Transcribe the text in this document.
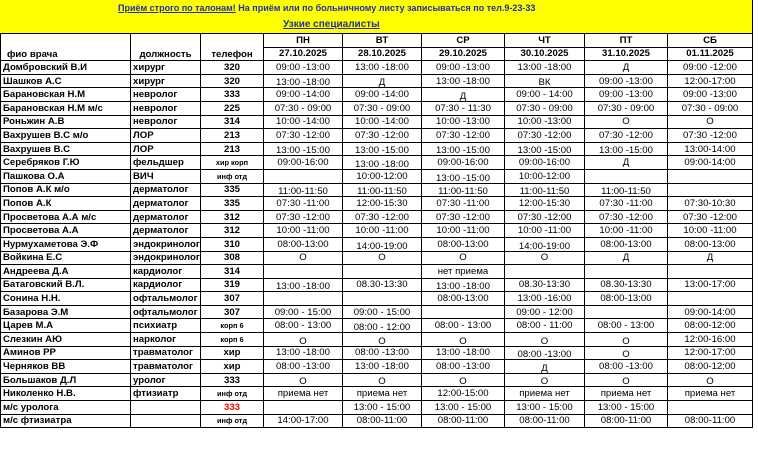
Приём строго по талонам! На приём или по больничному листу записываться по тел.9-23-33
Узкие специалисты
фио врача	должность	телефон	ПН	ВТ	СР	ЧТ	ПТ	СБ
			27.10.2025	28.10.2025	29.10.2025	30.10.2025	31.10.2025	01.11.2025
Домбровский В.И	хирург	320	09:00 -13:00	13:00 -18:00	09:00 -13:00	13:00 -18:00	Д	09:00 -12:00
Шашков А.С	хирург	320	13:00 -18:00	Д	13:00 -18:00	ВК	09:00 -13:00	12:00-17:00
Барановская Н.М	невролог	333	09:00 -14:00	09:00 -14:00	Д	09:00 - 14:00	09:00 -13:00	09:00 -13:00
Барановская Н.М м/с	невролог	225	07:30 - 09:00	07:30 - 09:00	07:30 - 11:30	07:30 - 09:00	07:30 - 09:00	07:30 - 09:00
Роньжин А.В	невролог	314	10:00 -14:00	10:00 -14:00	10:00 -13:00	10:00 -13:00	О	О
Вахрушев В.С м/о	ЛОР	213	07:30 -12:00	07:30 -12:00	07:30 -12:00	07:30 -12:00	07:30 -12:00	07:30 -12:00
Вахрушев В.С	ЛОР	213	13:00 -15:00	13:00 -15:00	13:00 -15:00	13:00 -15:00	13:00 -15:00	13:00-14:00
Серебряков Г.Ю	фельдшер	хир корп	09:00-16:00	13:00 -18:00	09:00-16:00	09:00-16:00	Д	09:00-14:00
Пашкова О.А	ВИЧ	инф отд		10:00-12:00	13:00 -15:00	10:00-12:00		
Попов А.К м/о	дерматолог	335	11:00-11:50	11:00-11:50	11:00-11:50	11:00-11:50	11:00-11:50	
Попов А.К	дерматолог	335	07:30 -11:00	12:00-15:30	07:30 -11:00	12:00-15:30	07:30 -11:00	07:30-10:30
Просветова А.А м/с	дерматолог	312	07:30 -12:00	07:30 -12:00	07:30 -12:00	07:30 -12:00	07:30 -12:00	07:30 -12:00
Просветова А.А	дерматолог	312	10:00 -11:00	10:00 -11:00	10:00 -11:00	10:00 -11:00	10:00 -11:00	10:00 -11:00
Нурмухаметова Э.Ф	эндокринолог	310	08:00-13:00	14:00-19:00	08:00-13:00	14:00-19:00	08:00-13:00	08:00-13:00
Войкина Е.С	эндокринолог	308	О	О	О	О	Д	Д
Андреева Д.А	кардиолог	314			нет приема			
Батаговский В.Л.	кардиолог	319	13:00 -18:00	08.30-13:30	13:00 -18:00	08.30-13:30	08.30-13:30	13:00-17:00
Сонина Н.Н.	офтальмолог	307			08:00-13:00	13:00 -16:00	08:00-13:00	
Базарова Э.М	офтальмолог	307	09:00 - 15:00	09:00 - 15:00		09:00 - 12:00		09:00-14:00
Царев М.А	психиатр	корп 6	08:00 - 13:00	08:00 - 12:00	08:00 - 13:00	08:00 - 11:00	08:00 - 13:00	08:00-12:00
Слезкин АЮ	нарколог	корп 6	О	О	О	О	О	12:00-16:00
Аминов РР	травматолог	хир	13:00 -18:00	08:00 -13:00	13:00 -18:00	08:00 -13:00	О	12:00-17:00
Черняков ВВ	травматолог	хир	08:00 -13:00	13:00 -18:00	08:00 -13:00	Д	08:00 -13:00	08:00-12:00
Большаков Д.Л	уролог	333	О	О	О	О	О	О
Николенко Н.В.	фтизиатр	инф отд	приема нет	приема нет	12:00-15:00	приема нет	приема нет	приема нет
м/с уролога		333		13:00 - 15:00	13:00 - 15:00	13:00 - 15:00	13:00 - 15:00	
м/с фтизиатра		инф отд	14:00-17:00	08:00-11:00	08:00-11:00	08:00-11:00	08:00-11:00	08:00-11:00
